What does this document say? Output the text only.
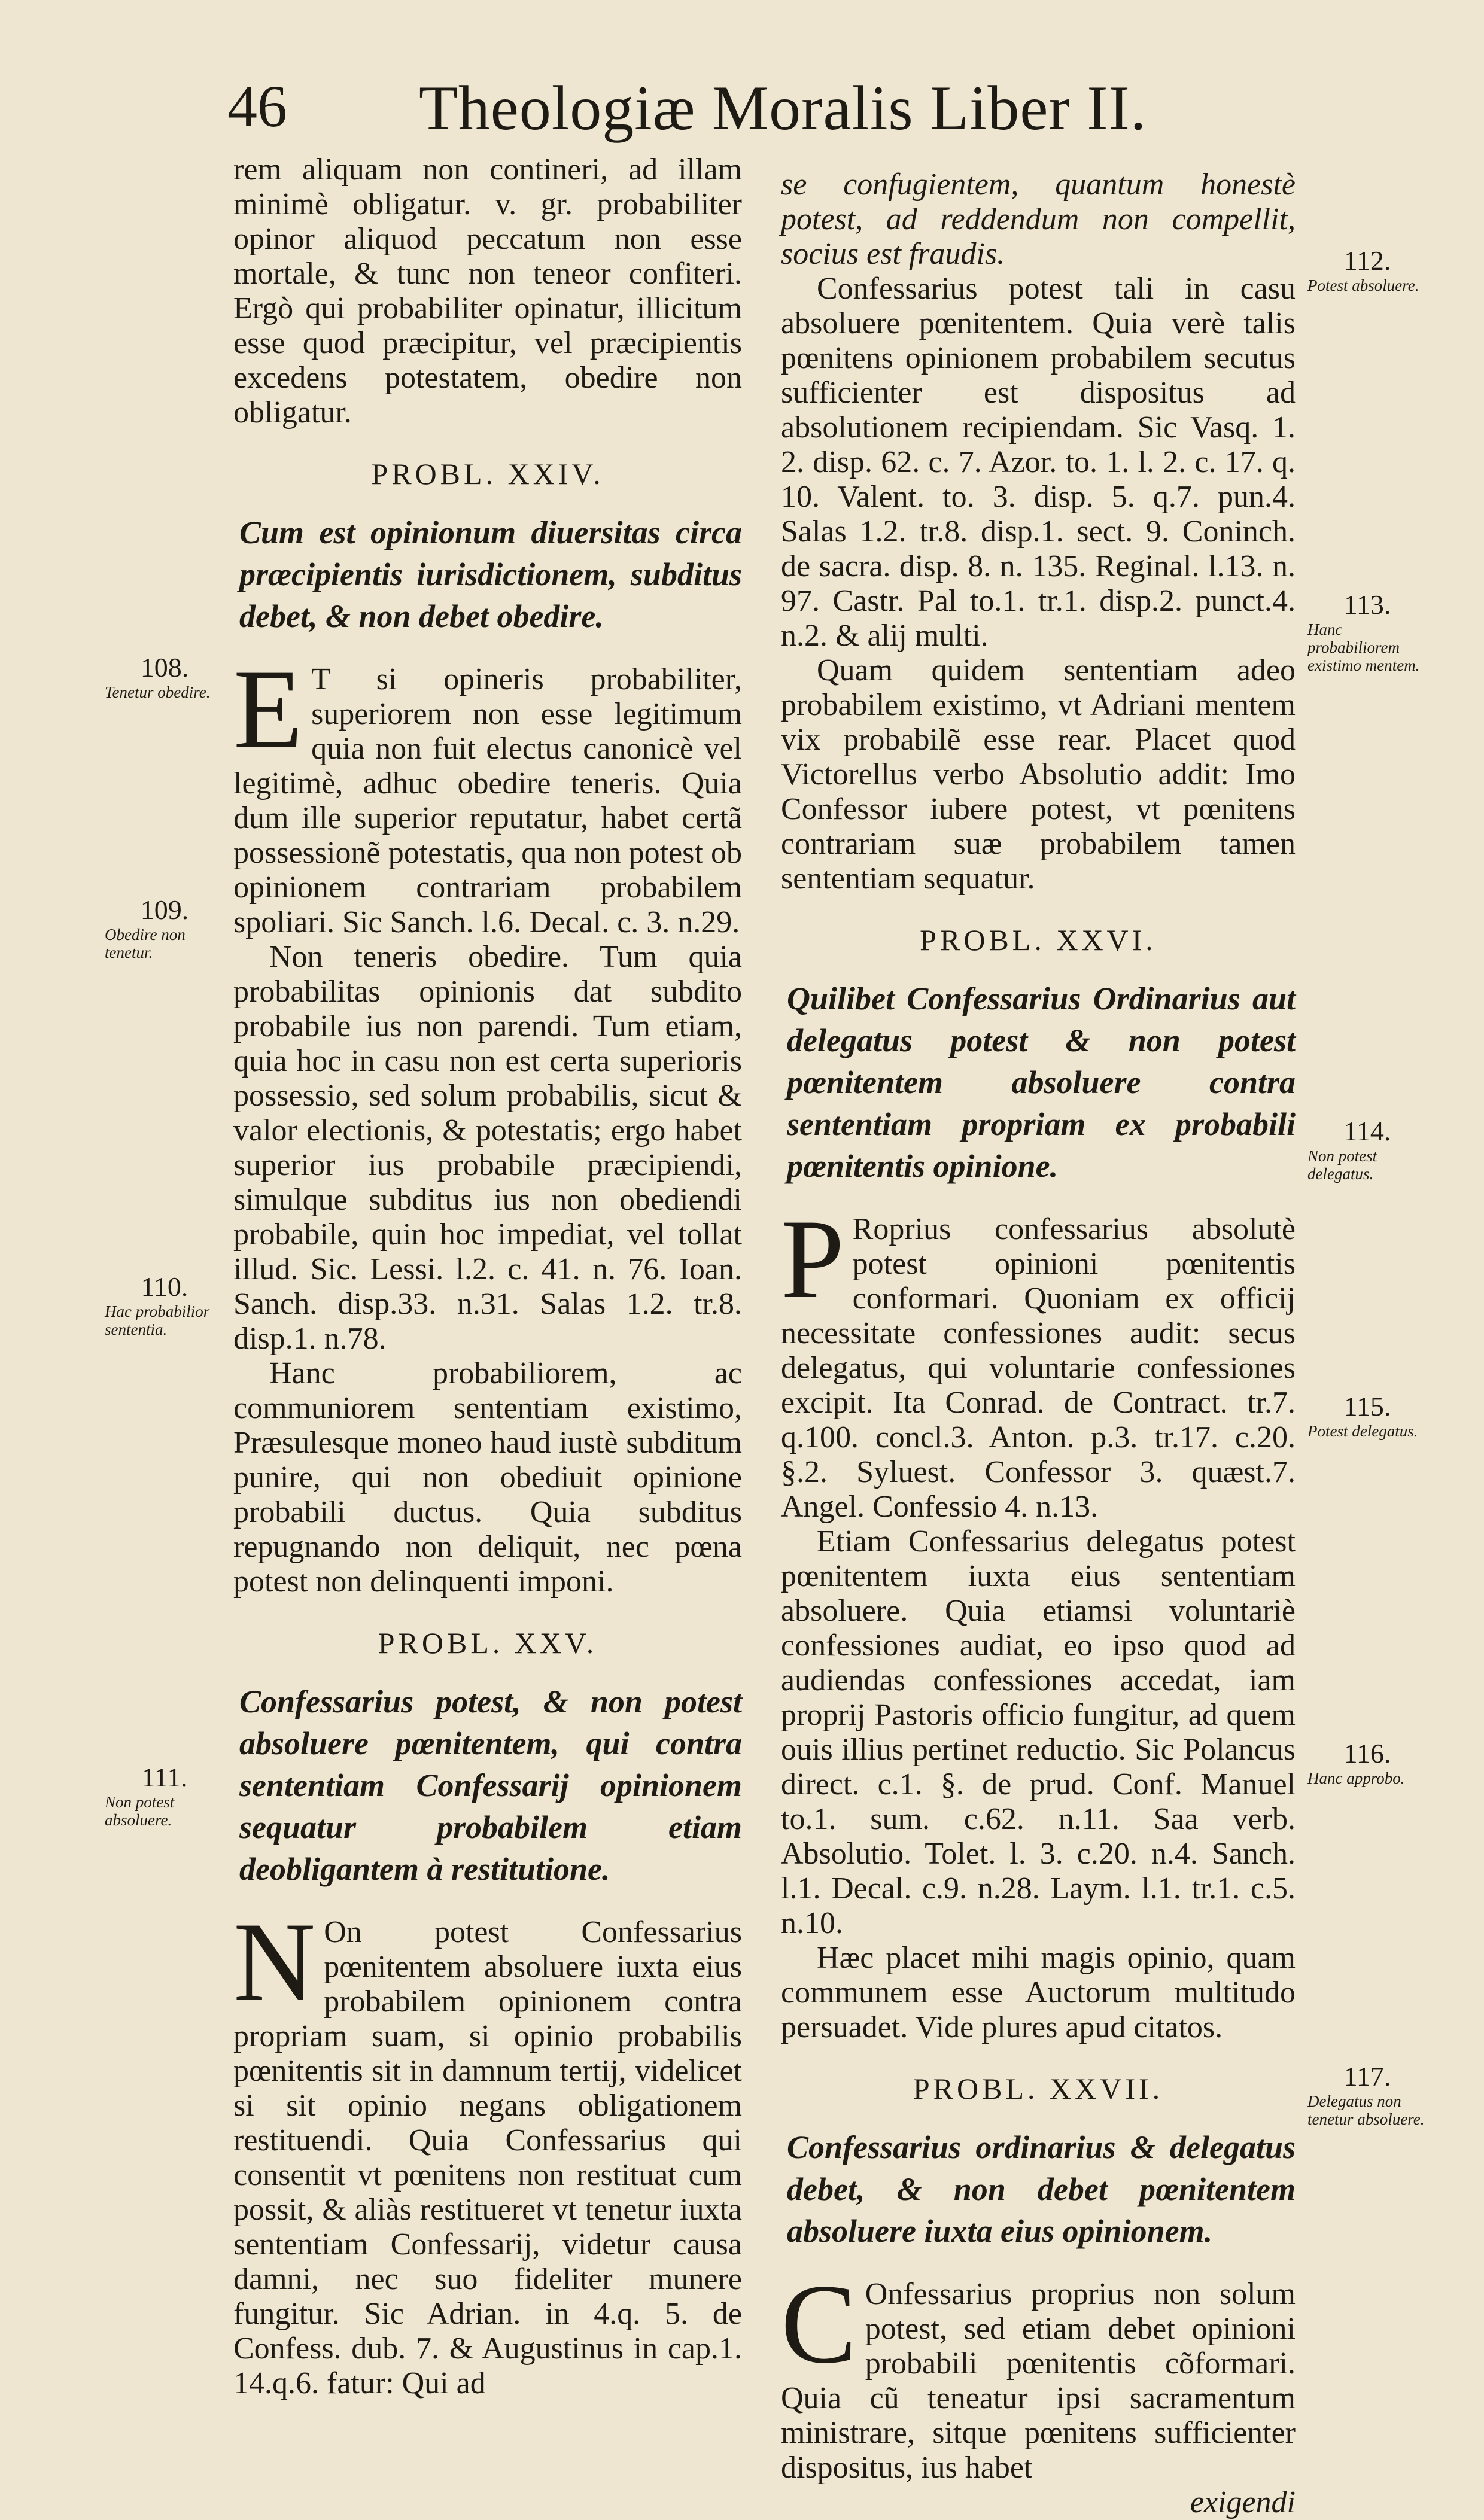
46 Theologiæ Moralis Liber II.

rem aliquam non contineri, ad illam minimè obligatur. v. gr. probabiliter opinor aliquod peccatum non esse mortale, & tunc non teneor confiteri. Ergò qui probabiliter opinatur, illicitum esse quod præcipitur, vel præcipientis excedens potestatem, obedire non obligatur.

PROBL. XXIV.
Cum est opinionum diuersitas circa præcipientis iurisdictionem, subditus debet, & non debet obedire.

E T si opineris probabiliter, superiorem non esse legitimum quia non fuit electus canonicè vel legitimè, adhuc obedire teneris. Quia dum ille superior reputatur, habet certã possessionẽ potestatis, qua non potest ob opinionem contrariam probabilem spoliari. Sic Sanch. l.6. Decal. c. 3. n.29.

Non teneris obedire. Tum quia probabilitas opinionis dat subdito probabile ius non parendi. Tum etiam, quia hoc in casu non est certa superioris possessio, sed solum probabilis, sicut & valor electionis, & potestatis; ergo habet superior ius probabile præcipiendi, simulque subditus ius non obediendi probabile, quin hoc impediat, vel tollat illud. Sic. Lessi. l.2. c. 41. n. 76. Ioan. Sanch. disp.33. n.31. Salas 1.2. tr.8. disp.1. n.78.

Hanc probabiliorem, ac communiorem sententiam existimo, Præsulesque moneo haud iustè subditum punire, qui non obediuit opinione probabili ductus. Quia subditus repugnando non deliquit, nec pœna potest non delinquenti imponi.

PROBL. XXV.
Confessarius potest, & non potest absoluere pœnitentem, qui contra sententiam Confessarij opinionem sequatur probabilem etiam deobligantem à restitutione.

N On potest Confessarius pœnitentem absoluere iuxta eius probabilem opinionem contra propriam suam, si opinio probabilis pœnitentis sit in damnum tertij, videlicet si sit opinio negans obligationem restituendi. Quia Confessarius qui consentit vt pœnitens non restituat cum possit, & aliàs restitueret vt tenetur iuxta sententiam Confessarij, videtur causa damni, nec suo fideliter munere fungitur. Sic Adrian. in 4.q. 5. de Confess. dub. 7. & Augustinus in cap.1. 14.q.6. fatur: Qui ad

se confugientem, quantum honestè potest, ad reddendum non compellit, socius est fraudis.

Confessarius potest tali in casu absoluere pœnitentem. Quia verè talis pœnitens opinionem probabilem secutus sufficienter est dispositus ad absolutionem recipiendam. Sic Vasq. 1. 2. disp. 62. c. 7. Azor. to. 1. l. 2. c. 17. q. 10. Valent. to. 3. disp. 5. q.7. pun.4. Salas 1.2. tr.8. disp.1. sect. 9. Coninch. de sacra. disp. 8. n. 135. Reginal. l.13. n. 97. Castr. Pal to.1. tr.1. disp.2. punct.4. n.2. & alij multi.

Quam quidem sententiam adeo probabilem existimo, vt Adriani mentem vix probabilẽ esse rear. Placet quod Victorellus verbo Absolutio addit: Imo Confessor iubere potest, vt pœnitens contrariam suæ probabilem tamen sententiam sequatur.

PROBL. XXVI.
Quilibet Confessarius Ordinarius aut delegatus potest & non potest pœnitentem absoluere contra sententiam propriam ex probabili pœnitentis opinione.

P Roprius confessarius absolutè potest opinioni pœnitentis conformari. Quoniam ex officij necessitate confessiones audit: secus delegatus, qui voluntarie confessiones excipit. Ita Conrad. de Contract. tr.7. q.100. concl.3. Anton. p.3. tr.17. c.20. §.2. Syluest. Confessor 3. quæst.7. Angel. Confessio 4. n.13.

Etiam Confessarius delegatus potest pœnitentem iuxta eius sententiam absoluere. Quia etiamsi voluntariè confessiones audiat, eo ipso quod ad audiendas confessiones accedat, iam proprij Pastoris officio fungitur, ad quem ouis illius pertinet reductio. Sic Polancus direct. c.1. §. de prud. Conf. Manuel to.1. sum. c.62. n.11. Saa verb. Absolutio. Tolet. l. 3. c.20. n.4. Sanch. l.1. Decal. c.9. n.28. Laym. l.1. tr.1. c.5. n.10.

Hæc placet mihi magis opinio, quam communem esse Auctorum multitudo persuadet. Vide plures apud citatos.

PROBL. XXVII.
Confessarius ordinarius & delegatus debet, & non debet pœnitentem absoluere iuxta eius opinionem.

C Onfessarius proprius non solum potest, sed etiam debet opinioni probabili pœnitentis cõformari. Quia cũ teneatur ipsi sacramentum ministrare, sitque pœnitens sufficienter dispositus, ius habet

exigendi
108.
Tenetur obedire.
109.
Obedire non tenetur.
110.
Hac probabilior sententia.
111.
Non potest absoluere.
112.
Potest absoluere.
113.
Hanc probabiliorem existimo mentem.
114.
Non potest delegatus.
115.
Potest delegatus.
116.
Hanc approbo.
117.
Delegatus non tenetur absoluere.
